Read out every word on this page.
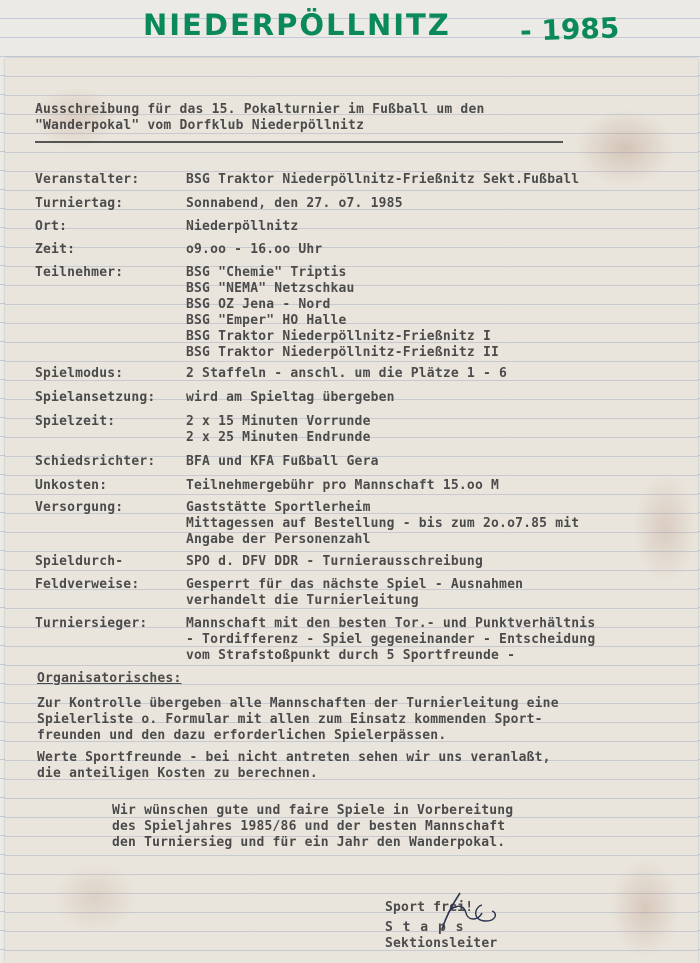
NIEDERPÖLLNITZ - 1985
Ausschreibung für das 15. Pokalturnier im Fußball um den
"Wanderpokal" vom Dorfklub Niederpöllnitz
Veranstalter:	BSG Traktor Niederpöllnitz-Frießnitz Sekt.Fußball
Turniertag:	Sonnabend, den 27. o7. 1985
Ort:	Niederpöllnitz
Zeit:	o9.oo - 16.oo Uhr
Teilnehmer:	BSG "Chemie" Triptis
BSG "NEMA" Netzschkau
BSG OZ Jena - Nord
BSG "Emper" HO Halle
BSG Traktor Niederpöllnitz-Frießnitz I
BSG Traktor Niederpöllnitz-Frießnitz II
Spielmodus:	2 Staffeln - anschl. um die Plätze 1 - 6
Spielansetzung: wird am Spieltag übergeben
Spielzeit:	2 x 15 Minuten Vorrunde
2 x 25 Minuten Endrunde
Schiedsrichter: BFA und KFA Fußball Gera
Unkosten:	Teilnehmergebühr pro Mannschaft 15.oo M
Versorgung:	Gaststätte Sportlerheim
Mittagessen auf Bestellung - bis zum 2o.o7.85 mit
Angabe der Personenzahl
Spieldurch-	SPO d. DFV DDR - Turnierausschreibung
Feldverweise:	Gesperrt für das nächste Spiel - Ausnahmen
verhandelt die Turnierleitung
Turniersieger:	Mannschaft mit den besten Tor.- und Punktverhältnis
- Tordifferenz - Spiel gegeneinander - Entscheidung
vom Strafstoßpunkt durch 5 Sportfreunde -
Organisatorisches:
Zur Kontrolle übergeben alle Mannschaften der Turnierleitung eine
Spielerliste o. Formular mit allen zum Einsatz kommenden Sport-
freunden und den dazu erforderlichen Spielerpässen.
Werte Sportfreunde - bei nicht antreten sehen wir uns veranlaßt,
die anteiligen Kosten zu berechnen.
Wir wünschen gute und faire Spiele in Vorbereitung
des Spieljahres 1985/86 und der besten Mannschaft
den Turniersieg und für ein Jahr den Wanderpokal.
Sport frei!
S t a p s
Sektionsleiter
